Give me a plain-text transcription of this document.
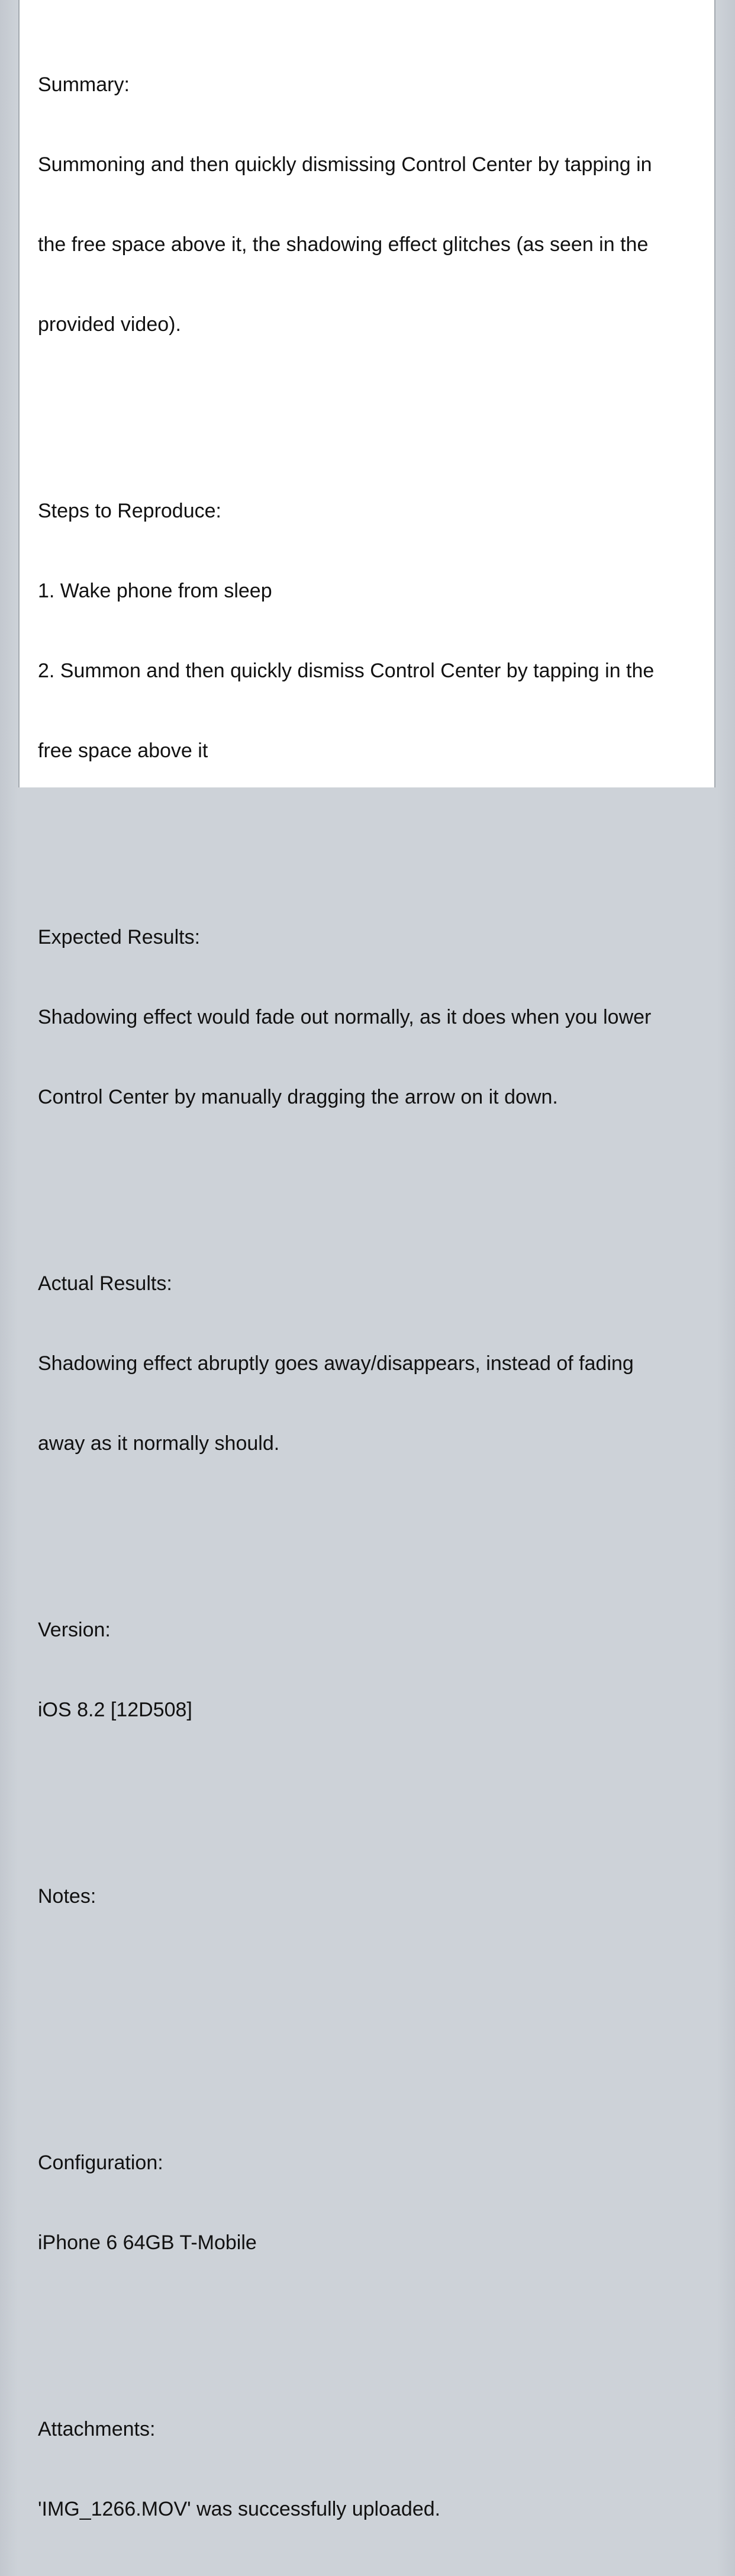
Summary:

Summoning and then quickly dismissing Control Center by tapping in

the free space above it, the shadowing effect glitches (as seen in the

provided video).

Steps to Reproduce:

1. Wake phone from sleep

2. Summon and then quickly dismiss Control Center by tapping in the

free space above it

Expected Results:

Shadowing effect would fade out normally, as it does when you lower

Control Center by manually dragging the arrow on it down.

Actual Results:

Shadowing effect abruptly goes away/disappears, instead of fading

away as it normally should.

Version:

iOS 8.2 [12D508]

Notes:

Configuration:

iPhone 6 64GB T-Mobile

Attachments:

'IMG_1266.MOV' was successfully uploaded.
